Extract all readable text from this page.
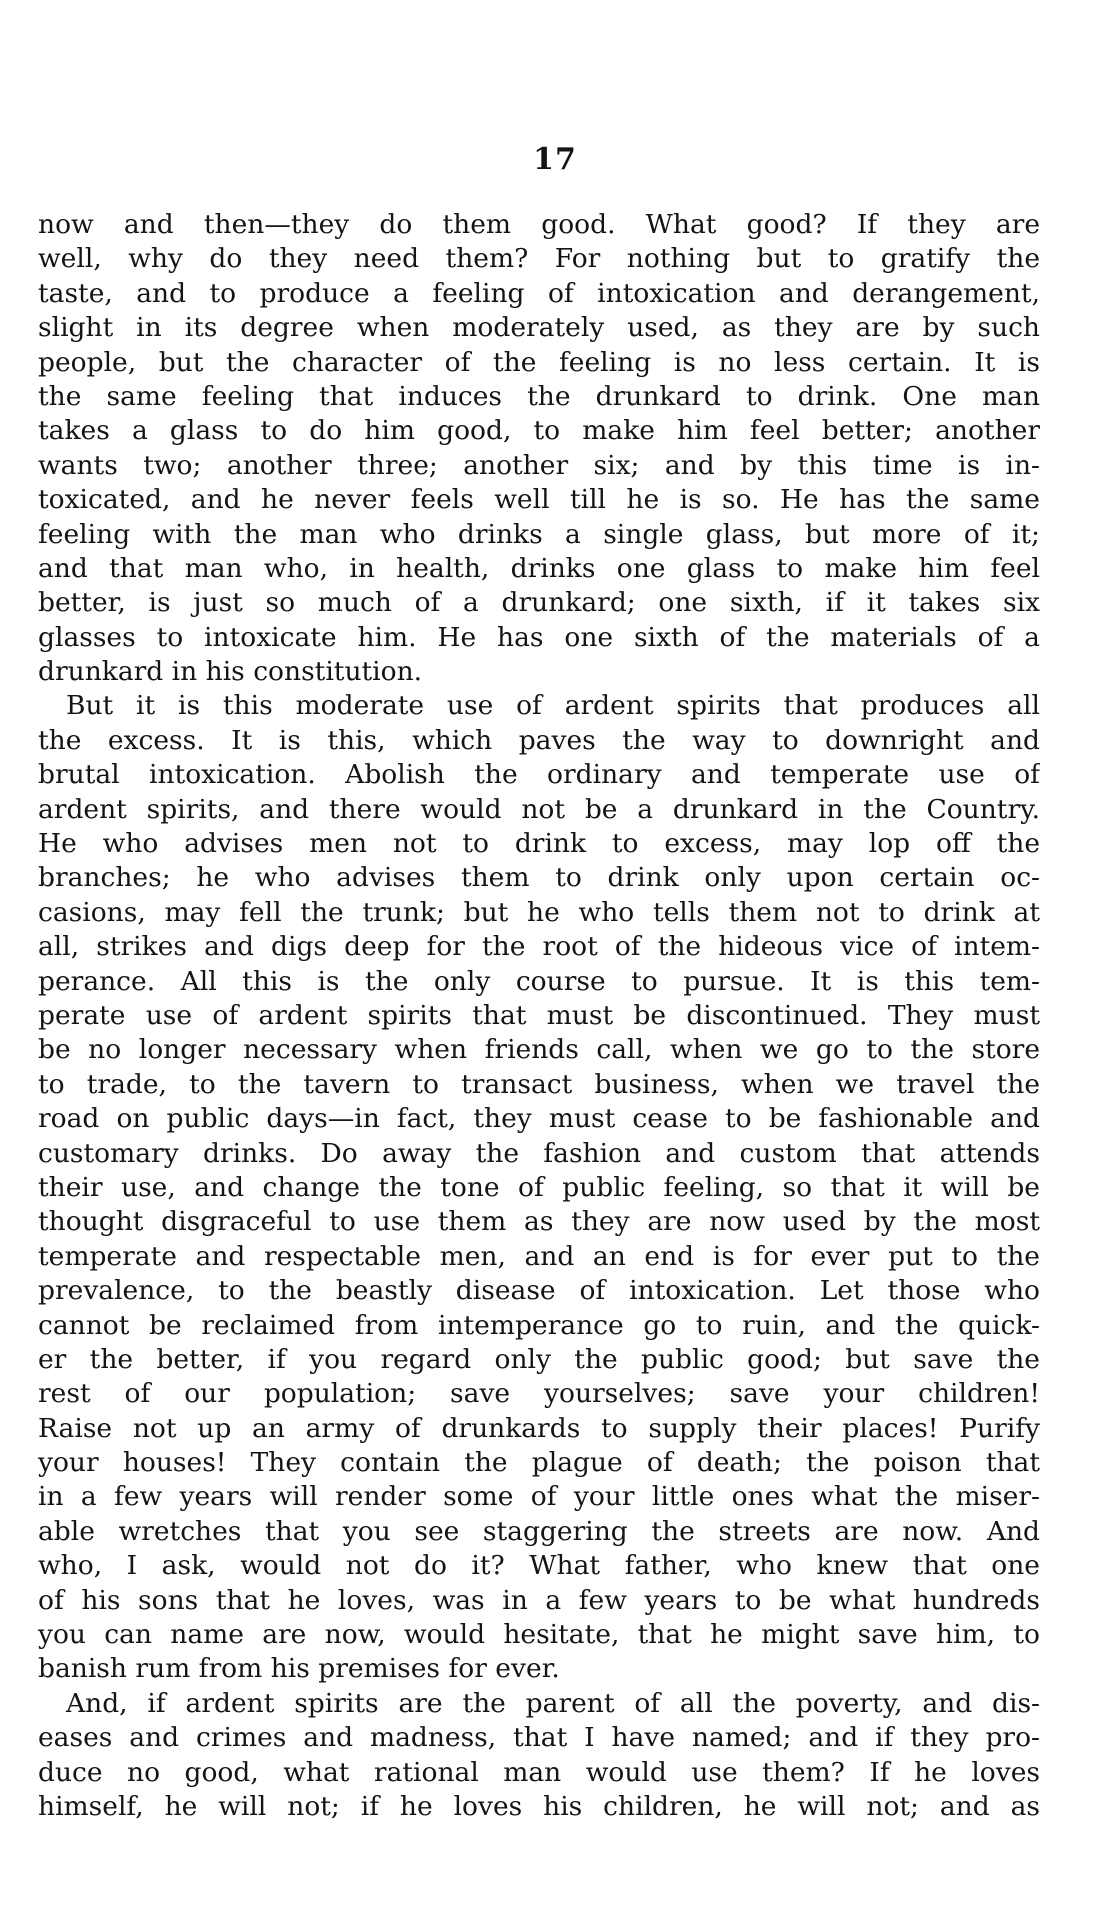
17
now and then—they do them good. What good? If they are
well, why do they need them? For nothing but to gratify the
taste, and to produce a feeling of intoxication and derangement,
slight in its degree when moderately used, as they are by such
people, but the character of the feeling is no less certain. It is
the same feeling that induces the drunkard to drink. One man
takes a glass to do him good, to make him feel better; another
wants two; another three; another six; and by this time is in-
toxicated, and he never feels well till he is so. He has the same
feeling with the man who drinks a single glass, but more of it;
and that man who, in health, drinks one glass to make him feel
better, is just so much of a drunkard; one sixth, if it takes six
glasses to intoxicate him. He has one sixth of the materials of a
drunkard in his constitution.
But it is this moderate use of ardent spirits that produces all
the excess. It is this, which paves the way to downright and
brutal intoxication. Abolish the ordinary and temperate use of
ardent spirits, and there would not be a drunkard in the Country.
He who advises men not to drink to excess, may lop off the
branches; he who advises them to drink only upon certain oc-
casions, may fell the trunk; but he who tells them not to drink at
all, strikes and digs deep for the root of the hideous vice of intem-
perance. All this is the only course to pursue. It is this tem-
perate use of ardent spirits that must be discontinued. They must
be no longer necessary when friends call, when we go to the store
to trade, to the tavern to transact business, when we travel the
road on public days—in fact, they must cease to be fashionable and
customary drinks. Do away the fashion and custom that attends
their use, and change the tone of public feeling, so that it will be
thought disgraceful to use them as they are now used by the most
temperate and respectable men, and an end is for ever put to the
prevalence, to the beastly disease of intoxication. Let those who
cannot be reclaimed from intemperance go to ruin, and the quick-
er the better, if you regard only the public good; but save the
rest of our population; save yourselves; save your children!
Raise not up an army of drunkards to supply their places! Purify
your houses! They contain the plague of death; the poison that
in a few years will render some of your little ones what the miser-
able wretches that you see staggering the streets are now. And
who, I ask, would not do it? What father, who knew that one
of his sons that he loves, was in a few years to be what hundreds
you can name are now, would hesitate, that he might save him, to
banish rum from his premises for ever.
And, if ardent spirits are the parent of all the poverty, and dis-
eases and crimes and madness, that I have named; and if they pro-
duce no good, what rational man would use them? If he loves
himself, he will not; if he loves his children, he will not; and as
